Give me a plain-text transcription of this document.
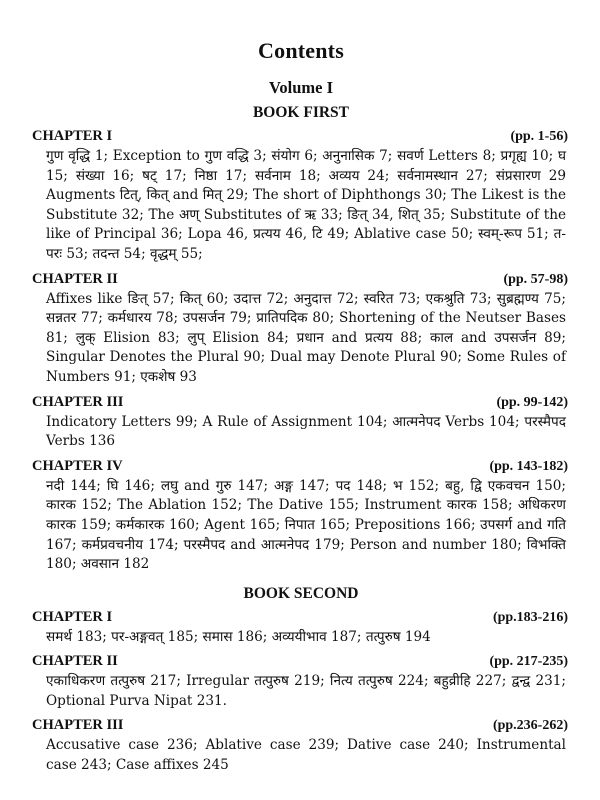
Contents
Volume I
BOOK FIRST
CHAPTER I	(pp. 1-56)
गुण वृद्धि 1; Exception to गुण वद्धि 3; संयोग 6; अनुनासिक 7; सवर्ण Letters 8; प्रगृह्य 10; घ 15; संख्या 16; षट् 17; निष्ठा 17; सर्वनाम 18; अव्यय 24; सर्वनामस्थान 27; संप्रसारण 29 Augments टित्, कित् and मित् 29; The short of Diphthongs 30; The Likest is the Substitute 32; The अण् Substitutes of ऋ 33; ङित् 34, शित् 35; Substitute of the like of Principal 36; Lopa 46, प्रत्यय 46, टि 49; Ablative case 50; स्वम्-रूप 51; त-परः 53; तदन्त 54; वृद्धम् 55;
CHAPTER II	(pp. 57-98)
Affixes like ङित् 57; कित् 60; उदात्त 72; अनुदात्त 72; स्वरित 73; एकश्रुति 73; सुब्रह्मण्य 75; सन्नतर 77; कर्मधारय 78; उपसर्जन 79; प्रातिपदिक 80; Shortening of the Neutser Bases 81; लुक् Elision 83; लुप् Elision 84; प्रधान and प्रत्यय 88; काल and उपसर्जन 89; Singular Denotes the Plural 90; Dual may Denote Plural 90; Some Rules of Numbers 91; एकशेष 93
CHAPTER III	(pp. 99-142)
Indicatory Letters 99; A Rule of Assignment 104; आत्मनेपद Verbs 104; परस्मैपद Verbs 136
CHAPTER IV	(pp. 143-182)
नदी 144; घि 146; लघु and गुरु 147; अङ्ग 147; पद 148; भ 152; बहु, द्वि एकवचन 150; कारक 152; The Ablation 152; The Dative 155; Instrument कारक 158; अधिकरण कारक 159; कर्मकारक 160; Agent 165; निपात 165; Prepositions 166; उपसर्ग and गति 167; कर्मप्रवचनीय 174; परस्मैपद and आत्मनेपद 179; Person and number 180; विभक्ति 180; अवसान 182
BOOK SECOND
CHAPTER I	(pp.183-216)
समर्थ 183; पर-अङ्गवत् 185; समास 186; अव्ययीभाव 187; तत्पुरुष 194
CHAPTER II	(pp. 217-235)
एकाधिकरण तत्पुरुष 217; Irregular तत्पुरुष 219; नित्य तत्पुरुष 224; बहुव्रीहि 227; द्वन्द्व 231; Optional Purva Nipat 231.
CHAPTER III	(pp.236-262)
Accusative case 236; Ablative case 239; Dative case 240; Instrumental case 243; Case affixes 245
